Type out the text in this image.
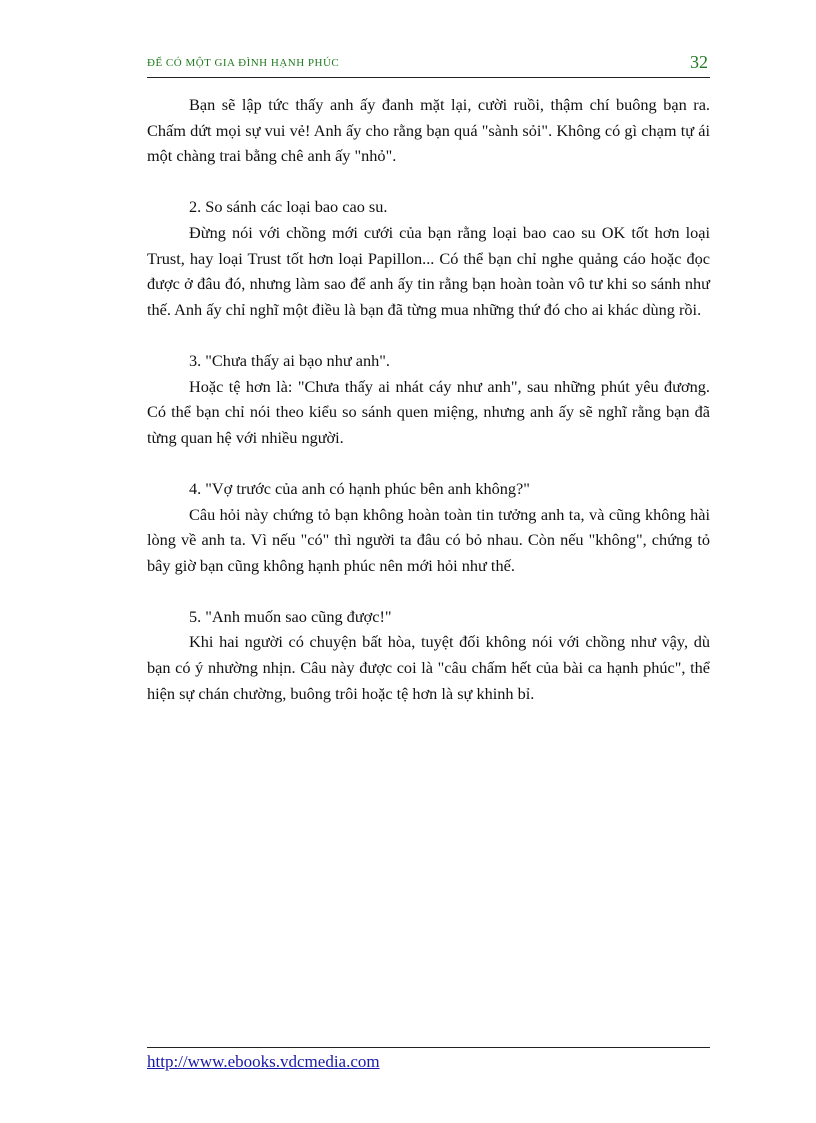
ĐỂ CÓ MỘT GIA ĐÌNH HẠNH PHÚC	32

Bạn sẽ lập tức thấy anh ấy đanh mặt lại, cười ruồi, thậm chí buông bạn ra. Chấm dứt mọi sự vui vẻ! Anh ấy cho rằng bạn quá "sành sỏi". Không có gì chạm tự ái một chàng trai bằng chê anh ấy "nhỏ".

2. So sánh các loại bao cao su.

Đừng nói với chồng mới cưới của bạn rằng loại bao cao su OK tốt hơn loại Trust, hay loại Trust tốt hơn loại Papillon... Có thể bạn chỉ nghe quảng cáo hoặc đọc được ở đâu đó, nhưng làm sao để anh ấy tin rằng bạn hoàn toàn vô tư khi so sánh như thế. Anh ấy chỉ nghĩ một điều là bạn đã từng mua những thứ đó cho ai khác dùng rồi.

3. "Chưa thấy ai bạo như anh".

Hoặc tệ hơn là: "Chưa thấy ai nhát cáy như anh", sau những phút yêu đương. Có thể bạn chỉ nói theo kiểu so sánh quen miệng, nhưng anh ấy sẽ nghĩ rằng bạn đã từng quan hệ với nhiều người.

4. "Vợ trước của anh có hạnh phúc bên anh không?"

Câu hỏi này chứng tỏ bạn không hoàn toàn tin tưởng anh ta, và cũng không hài lòng về anh ta. Vì nếu "có" thì người ta đâu có bỏ nhau. Còn nếu "không", chứng tỏ bây giờ bạn cũng không hạnh phúc nên mới hỏi như thế.

5. "Anh muốn sao cũng được!"

Khi hai người có chuyện bất hòa, tuyệt đối không nói với chồng như vậy, dù bạn có ý nhường nhịn. Câu này được coi là "câu chấm hết của bài ca hạnh phúc", thể hiện sự chán chường, buông trôi hoặc tệ hơn là sự khinh bỉ.

http://www.ebooks.vdcmedia.com
